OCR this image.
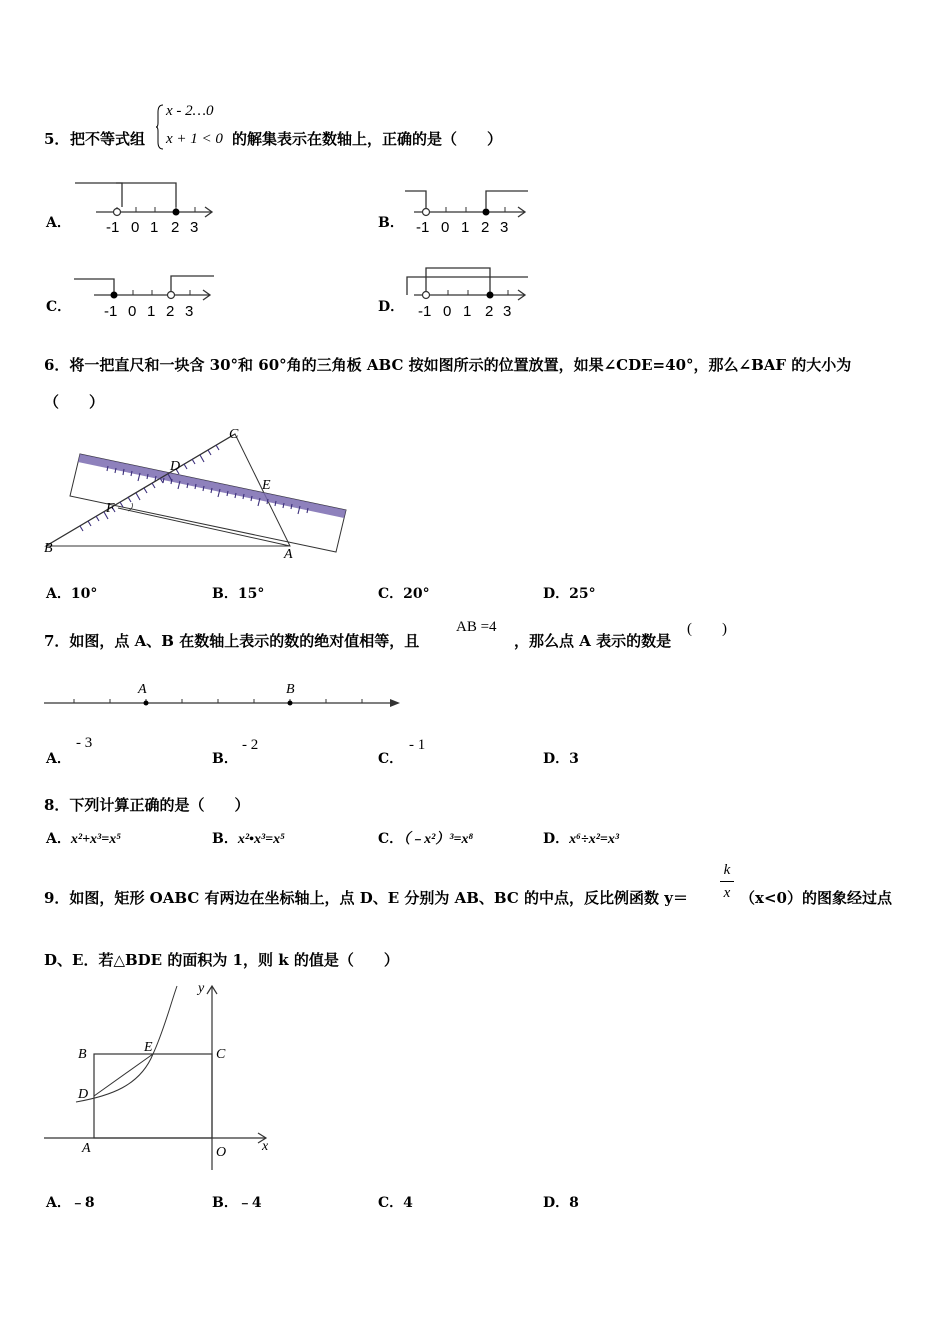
5． 把不等式组
x - 2…0
x + 1 < 0 的解集表示在数轴上，正确的是（　　）
A． -1 0 1 2 3	B． -1 0 1 2 3
C． -1 0 1 2 3	D． -1 0 1 2 3
6．将一把直尺和一块含 30°和 60°角的三角板 ABC 按如图所示的位置放置，如果∠CDE=40°，那么∠BAF 的大小为
（　　）
C
D
E
F
B	A
A．10°	B．15°	C．20°	D．25°
7．如图，点 A、B 在数轴上表示的数的绝对值相等，且
AB =4
，那么点 A 表示的数是
(　　)
A	B
A．
- 3
B．
- 2
C．
- 1
D．3
8．下列计算正确的是（　　）
A．x²+x³=x⁵	B．x²•x³=x⁵	C．（﹣x²）³=x⁸	D．x⁶÷x²=x³
9．如图，矩形 OABC 有两边在坐标轴上，点 D、E 分别为 AB、BC 的中点，反比例函数 y＝
k
x （x<0）的图象经过点
D、E．若△BDE 的面积为 1，则 k 的值是（　　）
y
x
B	E	C
D
A	O
A．﹣8	B．﹣4	C．4	D．8
